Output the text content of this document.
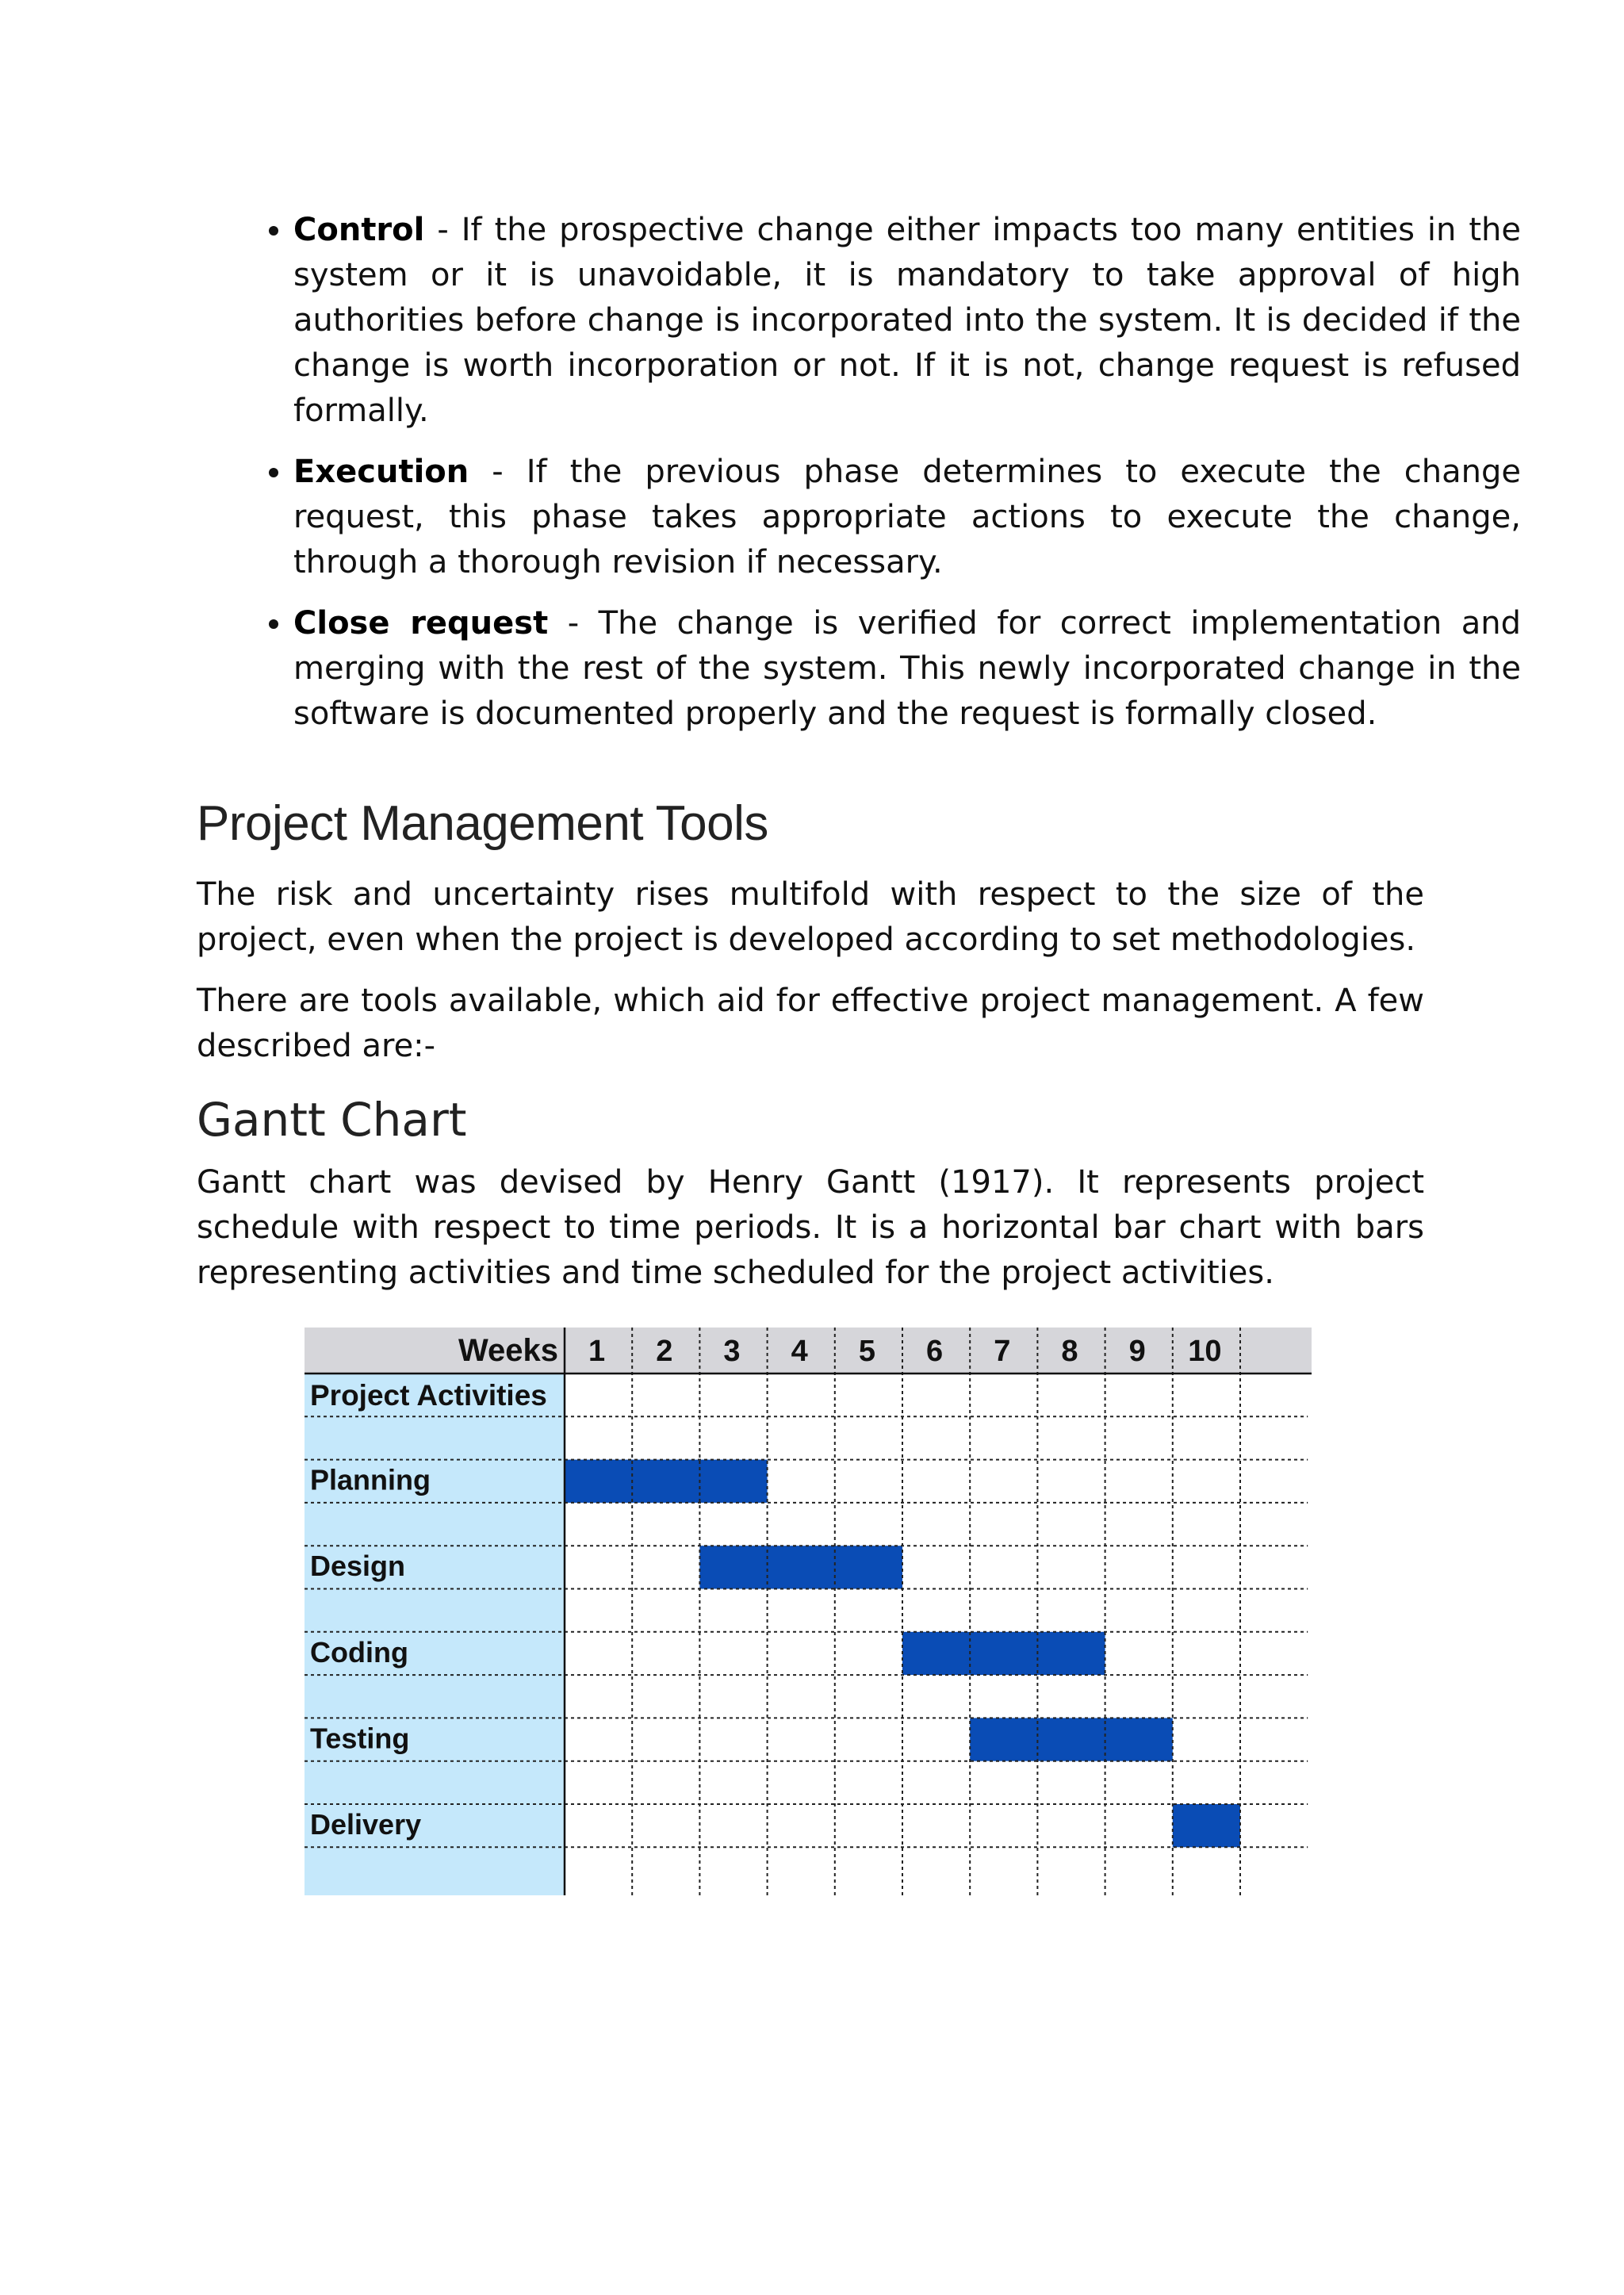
• Control - If the prospective change either impacts too many entities in the system or it is unavoidable, it is mandatory to take approval of high authorities before change is incorporated into the system. It is decided if the change is worth incorporation or not. If it is not, change request is refused formally.
• Execution - If the previous phase determines to execute the change request, this phase takes appropriate actions to execute the change, through a thorough revision if necessary.
• Close request - The change is verified for correct implementation and merging with the rest of the system. This newly incorporated change in the software is documented properly and the request is formally closed.
Project Management Tools

The risk and uncertainty rises multifold with respect to the size of the project, even when the project is developed according to set methodologies.

There are tools available, which aid for effective project management. A few described are:-

Gantt Chart

Gantt chart was devised by Henry Gantt (1917). It represents project schedule with respect to time periods. It is a horizontal bar chart with bars representing activities and time scheduled for the project activities.

Weeks 1 2 3 4 5 6 7 8 9 10
Project Activities
Planning
Design
Coding
Testing
Delivery
